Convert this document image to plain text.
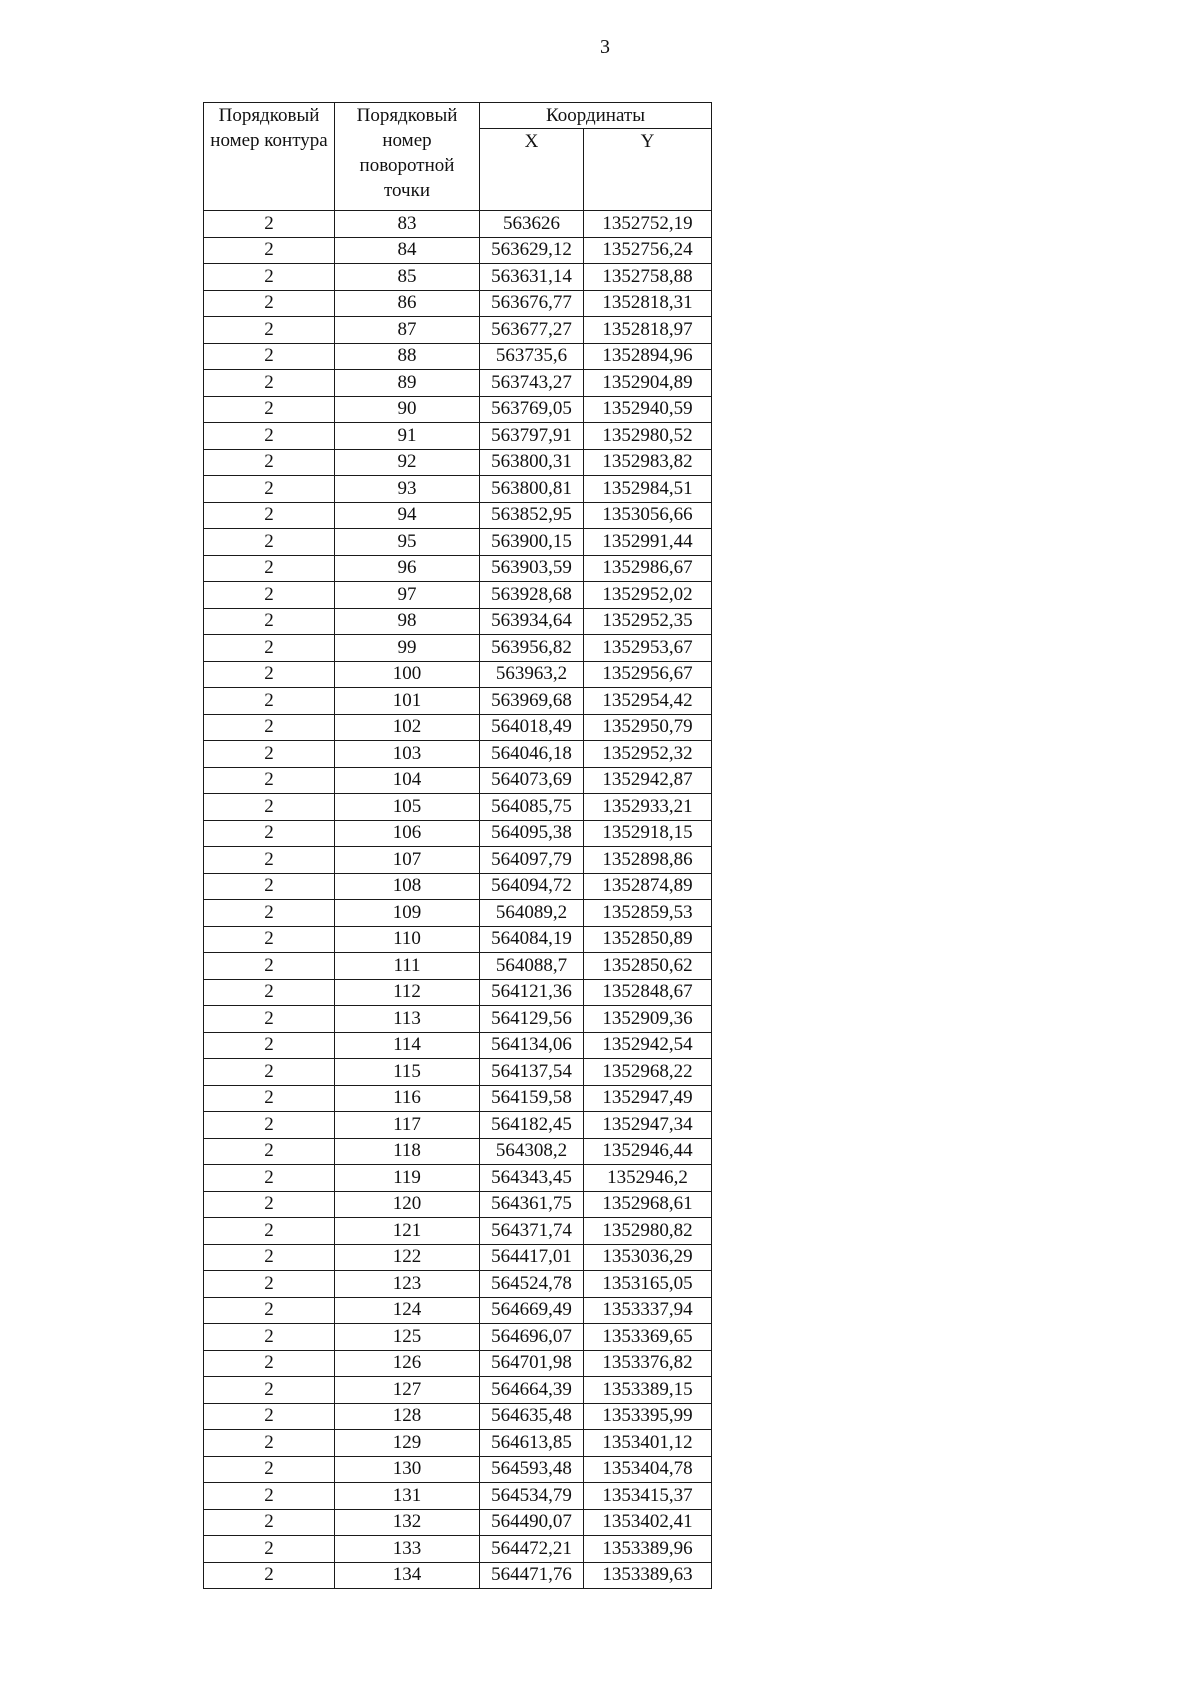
3
Порядковый номер контура	Порядковый номер поворотной точки	Координаты	
		X	Y
2	83	563626	1352752,19
2	84	563629,12	1352756,24
2	85	563631,14	1352758,88
2	86	563676,77	1352818,31
2	87	563677,27	1352818,97
2	88	563735,6	1352894,96
2	89	563743,27	1352904,89
2	90	563769,05	1352940,59
2	91	563797,91	1352980,52
2	92	563800,31	1352983,82
2	93	563800,81	1352984,51
2	94	563852,95	1353056,66
2	95	563900,15	1352991,44
2	96	563903,59	1352986,67
2	97	563928,68	1352952,02
2	98	563934,64	1352952,35
2	99	563956,82	1352953,67
2	100	563963,2	1352956,67
2	101	563969,68	1352954,42
2	102	564018,49	1352950,79
2	103	564046,18	1352952,32
2	104	564073,69	1352942,87
2	105	564085,75	1352933,21
2	106	564095,38	1352918,15
2	107	564097,79	1352898,86
2	108	564094,72	1352874,89
2	109	564089,2	1352859,53
2	110	564084,19	1352850,89
2	111	564088,7	1352850,62
2	112	564121,36	1352848,67
2	113	564129,56	1352909,36
2	114	564134,06	1352942,54
2	115	564137,54	1352968,22
2	116	564159,58	1352947,49
2	117	564182,45	1352947,34
2	118	564308,2	1352946,44
2	119	564343,45	1352946,2
2	120	564361,75	1352968,61
2	121	564371,74	1352980,82
2	122	564417,01	1353036,29
2	123	564524,78	1353165,05
2	124	564669,49	1353337,94
2	125	564696,07	1353369,65
2	126	564701,98	1353376,82
2	127	564664,39	1353389,15
2	128	564635,48	1353395,99
2	129	564613,85	1353401,12
2	130	564593,48	1353404,78
2	131	564534,79	1353415,37
2	132	564490,07	1353402,41
2	133	564472,21	1353389,96
2	134	564471,76	1353389,63
